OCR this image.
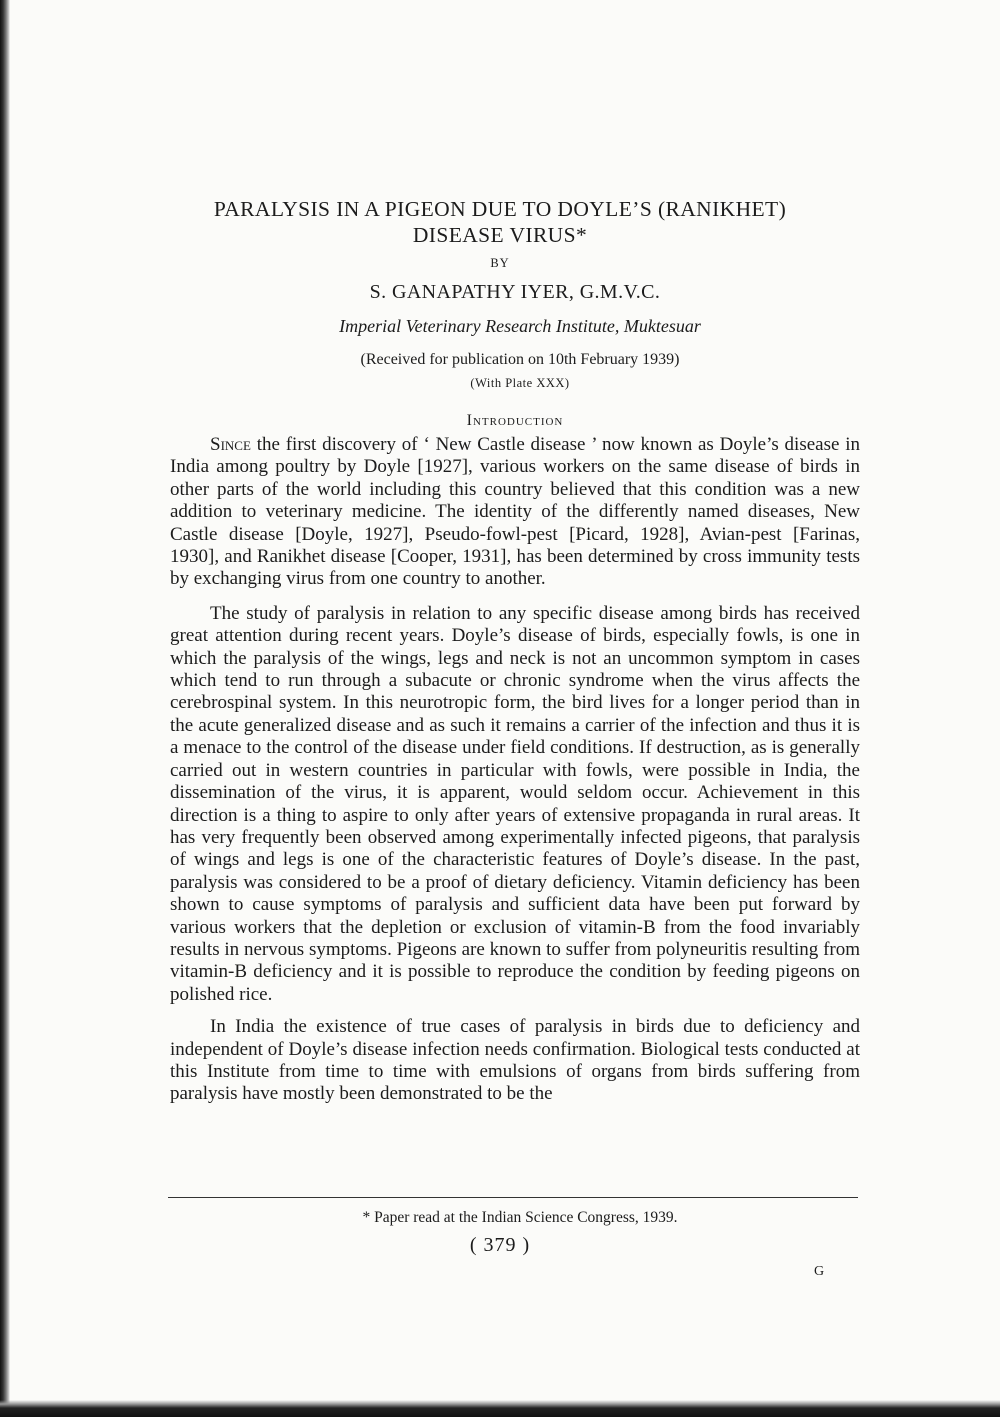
PARALYSIS IN A PIGEON DUE TO DOYLE’S (RANIKHET)
DISEASE VIRUS*
BY
S. GANAPATHY IYER, G.M.V.C.
Imperial Veterinary Research Institute, Muktesuar
(Received for publication on 10th February 1939)
(With Plate XXX)
Introduction

Since the first discovery of ‘ New Castle disease ’ now known as Doyle’s disease in India among poultry by Doyle [1927], various workers on the same disease of birds in other parts of the world including this country believed that this condition was a new addition to veterinary medicine. The identity of the differently named diseases, New Castle disease [Doyle, 1927], Pseudo-fowl-pest [Picard, 1928], Avian-pest [Farinas, 1930], and Ranikhet disease [Cooper, 1931], has been determined by cross immunity tests by exchanging virus from one country to another.

The study of paralysis in relation to any specific disease among birds has received great attention during recent years. Doyle’s disease of birds, especially fowls, is one in which the paralysis of the wings, legs and neck is not an uncommon symptom in cases which tend to run through a subacute or chronic syndrome when the virus affects the cerebrospinal system. In this neurotropic form, the bird lives for a longer period than in the acute generalized disease and as such it remains a carrier of the infection and thus it is a menace to the control of the disease under field conditions. If destruction, as is generally carried out in western countries in particular with fowls, were possible in India, the dissemination of the virus, it is apparent, would seldom occur. Achievement in this direction is a thing to aspire to only after years of extensive propaganda in rural areas. It has very frequently been observed among experimentally infected pigeons, that paralysis of wings and legs is one of the characteristic features of Doyle’s disease. In the past, paralysis was considered to be a proof of dietary deficiency. Vitamin deficiency has been shown to cause symptoms of paralysis and sufficient data have been put forward by various workers that the depletion or exclusion of vitamin-B from the food invariably results in nervous symptoms. Pigeons are known to suffer from polyneuritis resulting from vitamin-B deficiency and it is possible to reproduce the condition by feeding pigeons on polished rice.

In India the existence of true cases of paralysis in birds due to deficiency and independent of Doyle’s disease infection needs confirmation. Biological tests conducted at this Institute from time to time with emulsions of organs from birds suffering from paralysis have mostly been demonstrated to be the

* Paper read at the Indian Science Congress, 1939.
( 379 )
G
